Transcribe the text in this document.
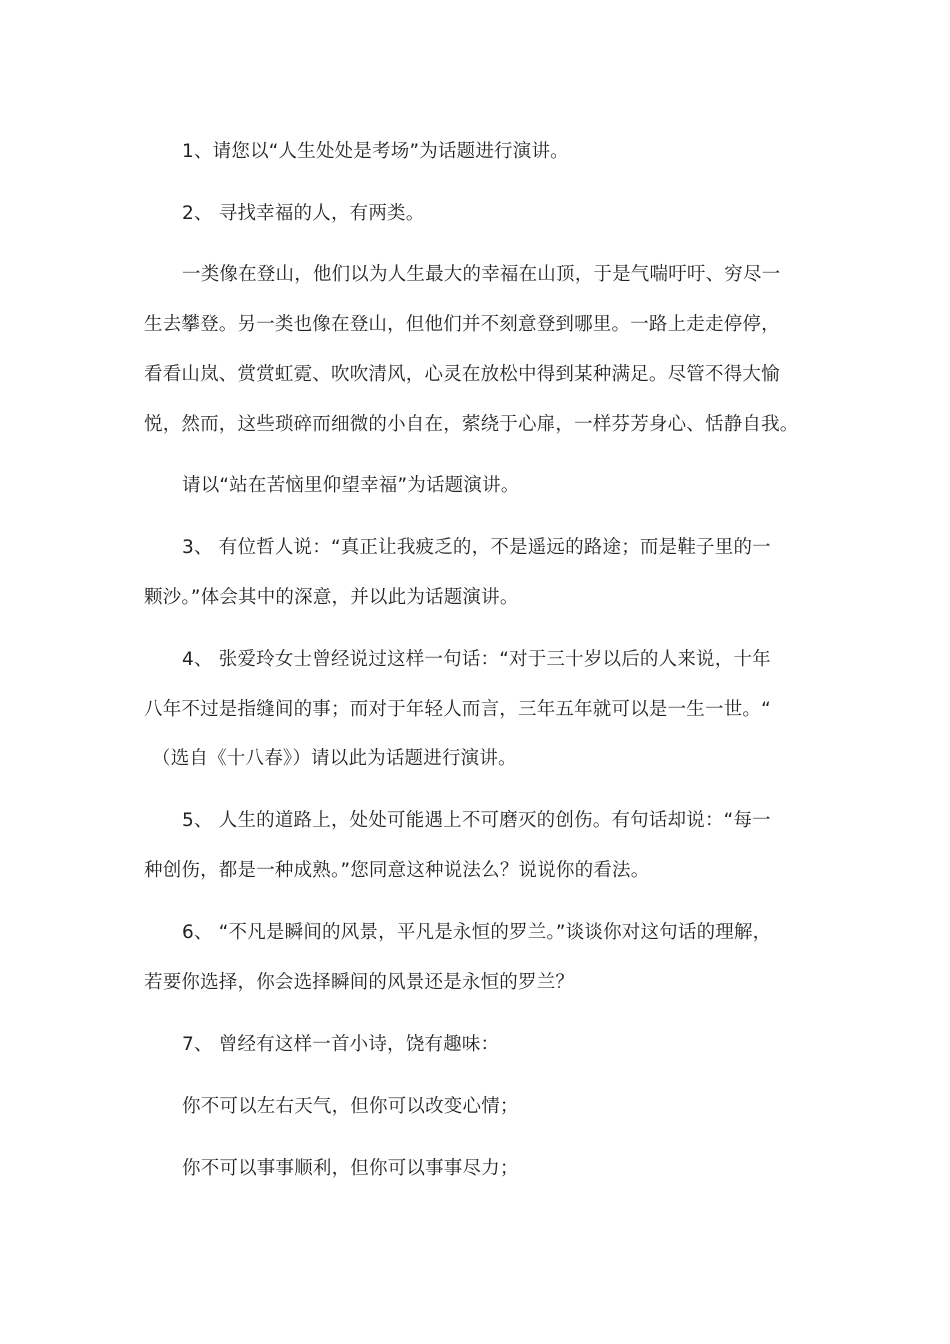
1、请您以“人生处处是考场”为话题进行演讲。
2、 寻找幸福的人，有两类。
一类像在登山，他们以为人生最大的幸福在山顶，于是气喘吁吁、穷尽一
生去攀登。另一类也像在登山，但他们并不刻意登到哪里。一路上走走停停，
看看山岚、赏赏虹霓、吹吹清风，心灵在放松中得到某种满足。尽管不得大愉
悦，然而，这些琐碎而细微的小自在，萦绕于心扉，一样芬芳身心、恬静自我。
请以“站在苦恼里仰望幸福”为话题演讲。
3、 有位哲人说：“真正让我疲乏的，不是遥远的路途；而是鞋子里的一
颗沙。”体会其中的深意，并以此为话题演讲。
4、 张爱玲女士曾经说过这样一句话：“对于三十岁以后的人来说，十年
八年不过是指缝间的事；而对于年轻人而言，三年五年就可以是一生一世。“
（选自《十八春》）请以此为话题进行演讲。
5、 人生的道路上，处处可能遇上不可磨灭的创伤。有句话却说：“每一
种创伤，都是一种成熟。”您同意这种说法么？说说你的看法。
6、 “不凡是瞬间的风景，平凡是永恒的罗兰。”谈谈你对这句话的理解，
若要你选择，你会选择瞬间的风景还是永恒的罗兰？
7、 曾经有这样一首小诗，饶有趣味：
你不可以左右天气，但你可以改变心情；
你不可以事事顺利，但你可以事事尽力；
